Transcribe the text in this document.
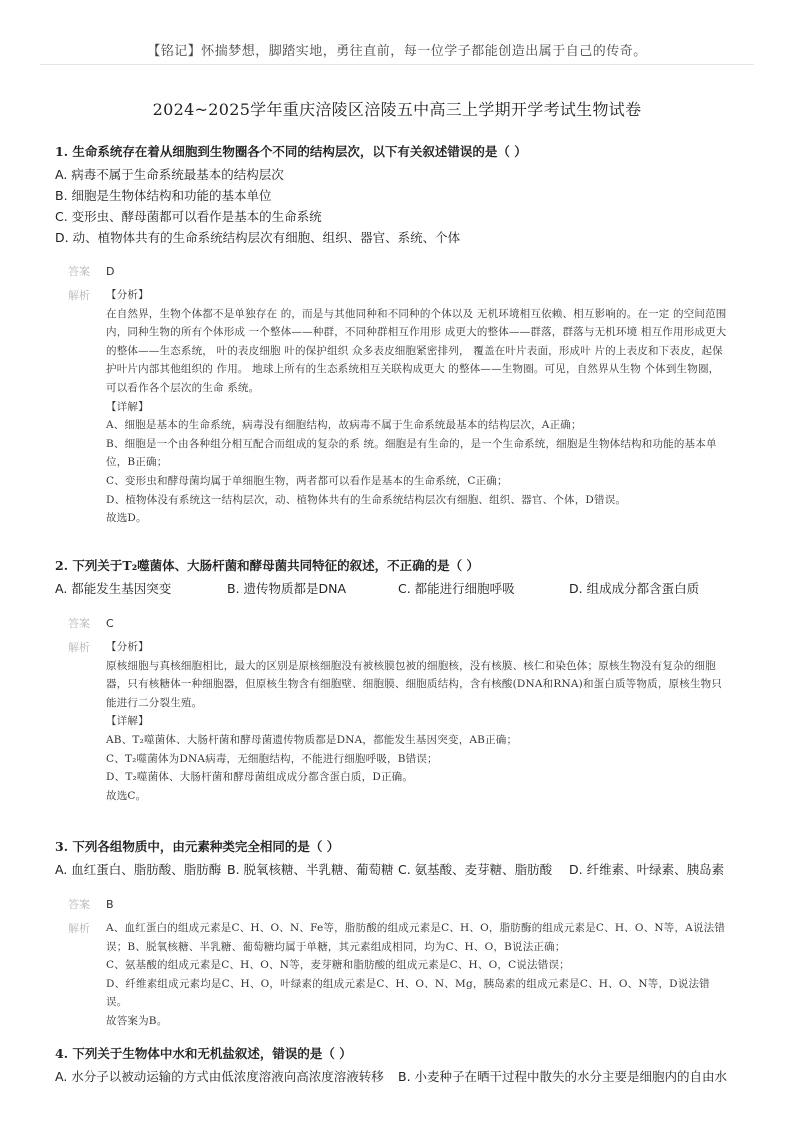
【铭记】怀揣梦想，脚踏实地，勇往直前，每一位学子都能创造出属于自己的传奇。
2024~2025学年重庆涪陵区涪陵五中高三上学期开学考试生物试卷
1. 生命系统存在着从细胞到生物圈各个不同的结构层次，以下有关叙述错误的是（ ）
A. 病毒不属于生命系统最基本的结构层次
B. 细胞是生物体结构和功能的基本单位
C. 变形虫、酵母菌都可以看作是基本的生命系统
D. 动、植物体共有的生命系统结构层次有细胞、组织、器官、系统、个体
答案 D
解析 【分析】

在自然界，生物个体都不是单独存在 的，而是与其他同种和不同种的个体以及 无机环境相互依赖、相互影响的。在一定 的空间范围内，同种生物的所有个体形成 一个整体——种群，不同种群相互作用形 成更大的整体——群落，群落与无机环境 相互作用形成更大的整体——生态系统， 叶的表皮细胞 叶的保护组织 众多表皮细胞紧密排列， 覆盖在叶片表面，形成叶 片的上表皮和下表皮，起保护叶片内部其他组织的 作用。 地球上所有的生态系统相互关联构成更大 的整体——生物圈。可见，自然界从生物 个体到生物圈，可以看作各个层次的生命 系统。

【详解】

A、细胞是基本的生命系统，病毒没有细胞结构，故病毒不属于生命系统最基本的结构层次，A正确；

B、细胞是一个由各种组分相互配合而组成的复杂的系 统。细胞是有生命的，是一个生命系统，细胞是生物体结构和功能的基本单位，B正确；

C、变形虫和酵母菌均属于单细胞生物，两者都可以看作是基本的生命系统，C正确；

D、植物体没有系统这一结构层次，动、植物体共有的生命系统结构层次有细胞、组织、器官、个体，D错误。

故选D。

2. 下列关于T₂噬菌体、大肠杆菌和酵母菌共同特征的叙述，不正确的是（ ）
A. 都能发生基因突变	B. 遗传物质都是DNA	C. 都能进行细胞呼吸	D. 组成成分都含蛋白质
答案 C
解析 【分析】

原核细胞与真核细胞相比，最大的区别是原核细胞没有被核膜包被的细胞核，没有核膜、核仁和染色体；原核生物没有复杂的细胞器，只有核糖体一种细胞器，但原核生物含有细胞壁、细胞膜、细胞质结构，含有核酸(DNA和RNA)和蛋白质等物质，原核生物只能进行二分裂生殖。

【详解】

AB、T₂噬菌体、大肠杆菌和酵母菌遗传物质都是DNA，都能发生基因突变，AB正确；

C、T₂噬菌体为DNA病毒，无细胞结构，不能进行细胞呼吸，B错误；

D、T₂噬菌体、大肠杆菌和酵母菌组成成分都含蛋白质，D正确。

故选C。

3. 下列各组物质中，由元素种类完全相同的是（ ）
A. 血红蛋白、脂肪酸、脂肪酶 B. 脱氧核糖、半乳糖、葡萄糖 C. 氨基酸、麦芽糖、脂肪酸 D. 纤维素、叶绿素、胰岛素
答案 B
解析 A、血红蛋白的组成元素是C、H、O、N、Fe等，脂肪酸的组成元素是C、H、O，脂肪酶的组成元素是C、H、O、N等，A说法错误；B、脱氧核糖、半乳糖、葡萄糖均属于单糖，其元素组成相同，均为C、H、O，B说法正确；

C、氨基酸的组成元素是C、H、O、N等，麦芽糖和脂肪酸的组成元素是C、H、O，C说法错误；

D、纤维素组成元素均是C、H、O，叶绿素的组成元素是C、H、O、N、Mg，胰岛素的组成元素是C、H、O、N等，D说法错误。

故答案为B。

4. 下列关于生物体中水和无机盐叙述，错误的是（ ）
A. 水分子以被动运输的方式由低浓度溶液向高浓度溶液转移 B. 小麦种子在晒干过程中散失的水分主要是细胞内的自由水
